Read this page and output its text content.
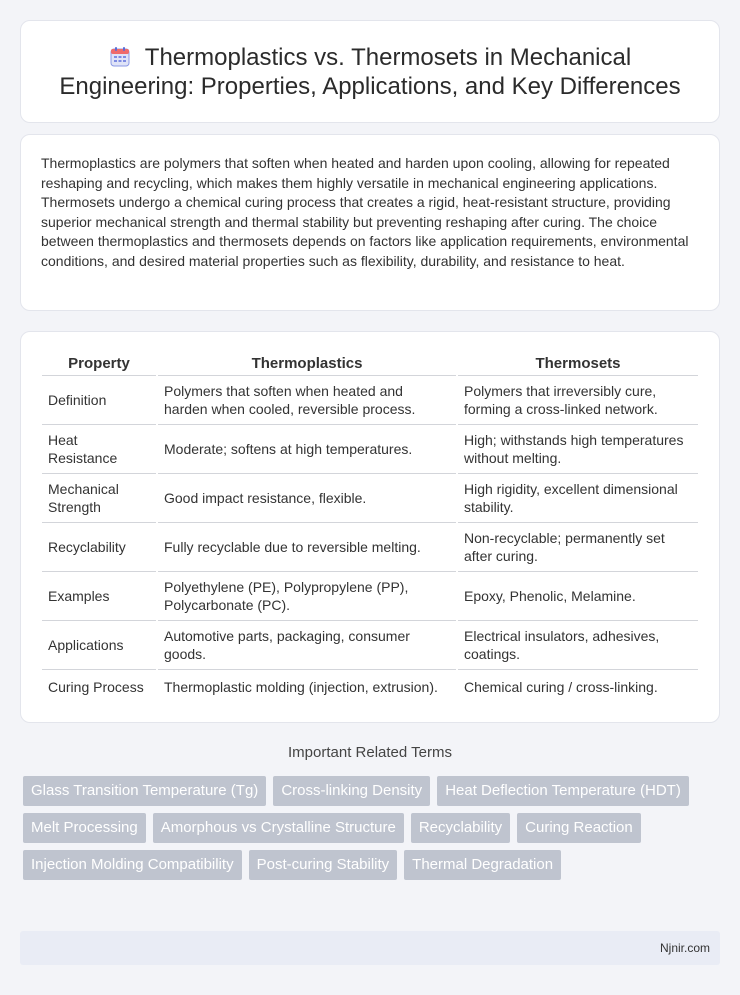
Thermoplastics vs. Thermosets in Mechanical Engineering: Properties, Applications, and Key Differences

Thermoplastics are polymers that soften when heated and harden upon cooling, allowing for repeated reshaping and recycling, which makes them highly versatile in mechanical engineering applications. Thermosets undergo a chemical curing process that creates a rigid, heat-resistant structure, providing superior mechanical strength and thermal stability but preventing reshaping after curing. The choice between thermoplastics and thermosets depends on factors like application requirements, environmental conditions, and desired material properties such as flexibility, durability, and resistance to heat.

Property	Thermoplastics	Thermosets
Definition	Polymers that soften when heated and harden when cooled, reversible process.	Polymers that irreversibly cure, forming a cross-linked network.
Heat Resistance	Moderate; softens at high temperatures.	High; withstands high temperatures without melting.
Mechanical Strength	Good impact resistance, flexible.	High rigidity, excellent dimensional stability.
Recyclability	Fully recyclable due to reversible melting.	Non-recyclable; permanently set after curing.
Examples	Polyethylene (PE), Polypropylene (PP), Polycarbonate (PC).	Epoxy, Phenolic, Melamine.
Applications	Automotive parts, packaging, consumer goods.	Electrical insulators, adhesives, coatings.
Curing Process	Thermoplastic molding (injection, extrusion).	Chemical curing / cross-linking.
Important Related Terms
Glass Transition Temperature (Tg)	Cross-linking Density	Heat Deflection Temperature (HDT)
Melt Processing	Amorphous vs Crystalline Structure	Recyclability	Curing Reaction
Injection Molding Compatibility	Post-curing Stability	Thermal Degradation
Njnir.com
